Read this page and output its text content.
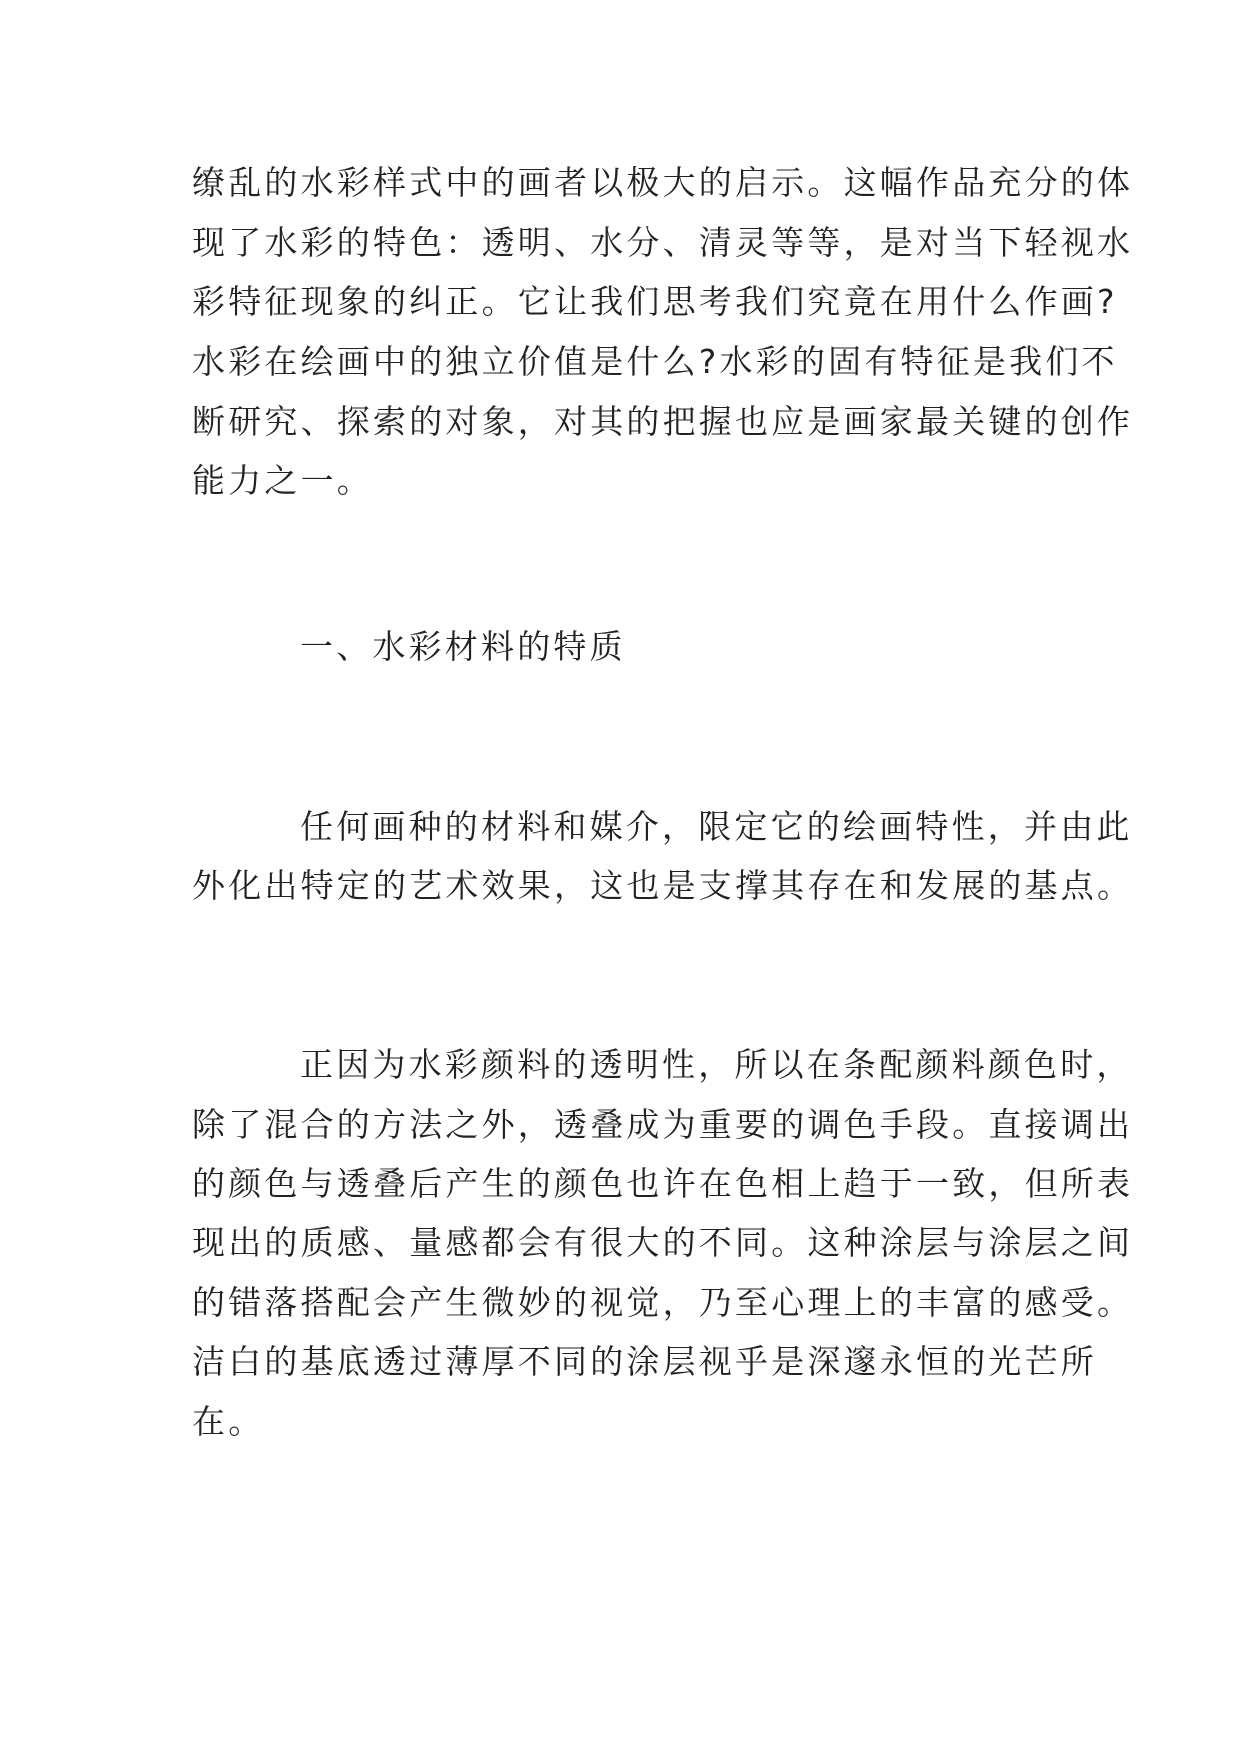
缭乱的水彩样式中的画者以极大的启示。这幅作品充分的体
现了水彩的特色：透明、水分、清灵等等，是对当下轻视水
彩特征现象的纠正。它让我们思考我们究竟在用什么作画?
水彩在绘画中的独立价值是什么?水彩的固有特征是我们不
断研究、探索的对象，对其的把握也应是画家最关键的创作
能力之一。
一、水彩材料的特质
任何画种的材料和媒介，限定它的绘画特性，并由此
外化出特定的艺术效果，这也是支撑其存在和发展的基点。
正因为水彩颜料的透明性，所以在条配颜料颜色时，
除了混合的方法之外，透叠成为重要的调色手段。直接调出
的颜色与透叠后产生的颜色也许在色相上趋于一致，但所表
现出的质感、量感都会有很大的不同。这种涂层与涂层之间
的错落搭配会产生微妙的视觉，乃至心理上的丰富的感受。
洁白的基底透过薄厚不同的涂层视乎是深邃永恒的光芒所
在。
